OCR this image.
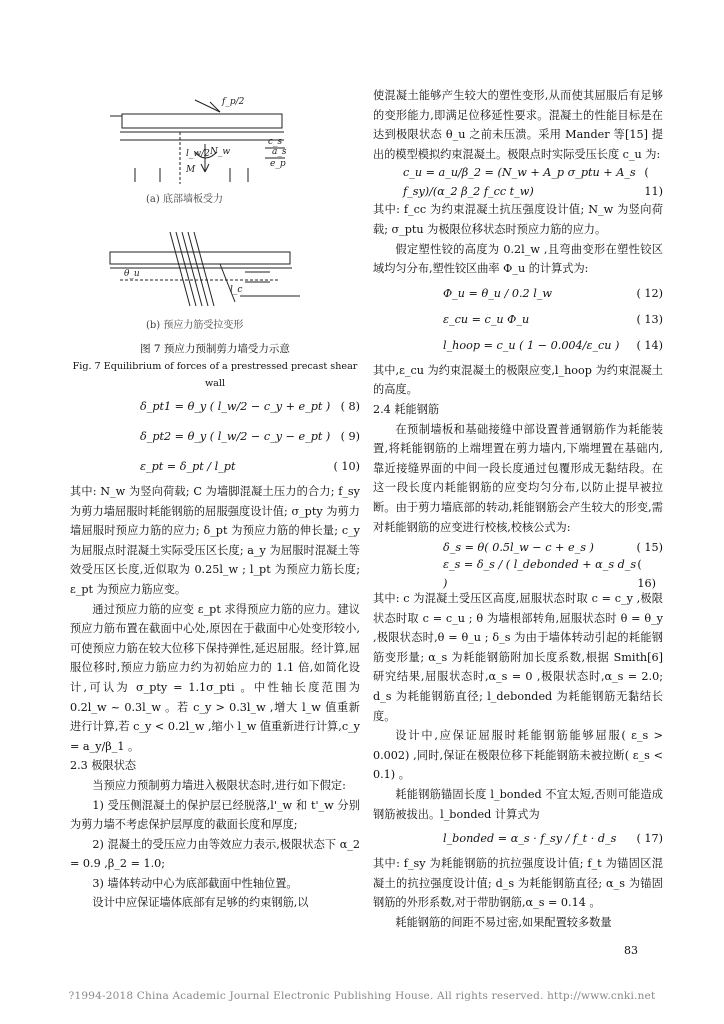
f_p/2
l_w/2
c_s
N_w
M
e_p
a_s
θ_u
l_c
(a) 底部墙板受力
(b) 预应力筋受拉变形

图 7 预应力预制剪力墙受力示意

Fig. 7 Equilibrium of forces of a prestressed precast shear wall

δ_pt1 = θ_y ( l_w/2 − c_y + e_pt ) ( 8)
δ_pt2 = θ_y ( l_w/2 − c_y − e_pt ) ( 9)
ε_pt = δ_pt / l_pt	( 10)

其中: N_w 为竖向荷载; C 为墙脚混凝土压力的合力; f_sy 为剪力墙屈服时耗能钢筋的屈服强度设计值; σ_pty 为剪力墙屈服时预应力筋的应力; δ_pt 为预应力筋的伸长量; c_y 为屈服点时混凝土实际受压区长度; a_y 为屈服时混凝土等效受压区长度,近似取为 0.25l_w ; l_pt 为预应力筋长度; ε_pt 为预应力筋应变。

通过预应力筋的应变 ε_pt 求得预应力筋的应力。建议预应力筋布置在截面中心处,原因在于截面中心处变形较小,可使预应力筋在较大位移下保持弹性,延迟屈服。经计算,屈服位移时,预应力筋应力约为初始应力的 1.1 倍,如简化设计,可认为 σ_pty = 1.1σ_pti 。中性轴长度范围为 0.2l_w ~ 0.3l_w 。若 c_y > 0.3l_w ,增大 l_w 值重新进行计算,若 c_y < 0.2l_w ,缩小 l_w 值重新进行计算,c_y = a_y/β_1 。

2.3 极限状态

当预应力预制剪力墙进入极限状态时,进行如下假定:

1) 受压侧混凝土的保护层已经脱落,l'_w 和 t'_w 分别为剪力墙不考虑保护层厚度的截面长度和厚度;

2) 混凝土的受压应力由等效应力表示,极限状态下 α_2 = 0.9 ,β_2 = 1.0;

3) 墙体转动中心为底部截面中性轴位置。

设计中应保证墙体底部有足够的约束钢筋,以

使混凝土能够产生较大的塑性变形,从而使其屈服后有足够的变形能力,即满足位移延性要求。混凝土的性能目标是在达到极限状态 θ_u 之前未压溃。采用 Mander 等[15] 提出的模型模拟约束混凝土。极限点时实际受压长度 c_u 为:

c_u = a_u/β_2 = (N_w + A_p σ_ptu + A_s f_sy)/(α_2 β_2 f_cc t_w)
( 11)

其中: f_cc 为约束混凝土抗压强度设计值; N_w 为竖向荷载; σ_ptu 为极限位移状态时预应力筋的应力。

假定塑性铰的高度为 0.2l_w ,且弯曲变形在塑性铰区域均匀分布,塑性铰区曲率 Φ_u 的计算式为:

Φ_u = θ_u / 0.2 l_w	( 12)
ε_cu = c_u Φ_u	( 13)
l_hoop = c_u ( 1 − 0.004/ε_cu ) ( 14)

其中,ε_cu 为约束混凝土的极限应变,l_hoop 为约束混凝土的高度。

2.4 耗能钢筋

在预制墙板和基础接缝中部设置普通钢筋作为耗能装置,将耗能钢筋的上端埋置在剪力墙内,下端埋置在基础内,靠近接缝界面的中间一段长度通过包覆形成无黏结段。在这一段长度内耗能钢筋的应变均匀分布,以防止提早被拉断。由于剪力墙底部的转动,耗能钢筋会产生较大的形变,需对耗能钢筋的应变进行校核,校核公式为:

δ_s = θ( 0.5l_w − c + e_s )	( 15)
ε_s = δ_s / ( l_debonded + α_s d_s )
( 16)

其中: c 为混凝土受压区高度,屈服状态时取 c = c_y ,极限状态时取 c = c_u ; θ 为墙根部转角,屈服状态时 θ = θ_y ,极限状态时,θ = θ_u ; δ_s 为由于墙体转动引起的耗能钢筋变形量; α_s 为耗能钢筋附加长度系数,根据 Smith[6] 研究结果,屈服状态时,α_s = 0 ,极限状态时,α_s = 2.0; d_s 为耗能钢筋直径; l_debonded 为耗能钢筋无黏结长度。

设计中,应保证屈服时耗能钢筋能够屈服( ε_s > 0.002) ,同时,保证在极限位移下耗能钢筋未被拉断( ε_s < 0.1) 。

耗能钢筋锚固长度 l_bonded 不宜太短,否则可能造成钢筋被拔出。l_bonded 计算式为

l_bonded = α_s · f_sy / f_t · d_s ( 17)

其中: f_sy 为耗能钢筋的抗拉强度设计值; f_t 为锚固区混凝土的抗拉强度设计值; d_s 为耗能钢筋直径; α_s 为锚固钢筋的外形系数,对于带肋钢筋,α_s = 0.14 。

耗能钢筋的间距不易过密,如果配置较多数量

83
?1994-2018 China Academic Journal Electronic Publishing House. All rights reserved. http://www.cnki.net
